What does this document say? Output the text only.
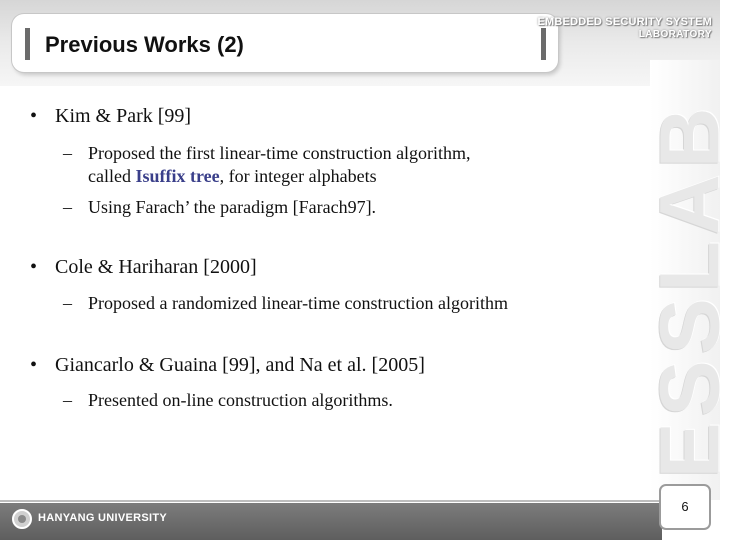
Previous Works (2)
EMBEDDED SECURITY SYSTEM
LABORATORY
ESSLAB
• Kim & Park [99]
– Proposed the first linear-time construction algorithm,
called Isuffix tree, for integer alphabets
– Using Farach’ the paradigm [Farach97].
• Cole & Hariharan [2000]
– Proposed a randomized linear-time construction algorithm
• Giancarlo & Guaina [99], and Na et al. [2005]
– Presented on-line construction algorithms.
HANYANG UNIVERSITY
6
